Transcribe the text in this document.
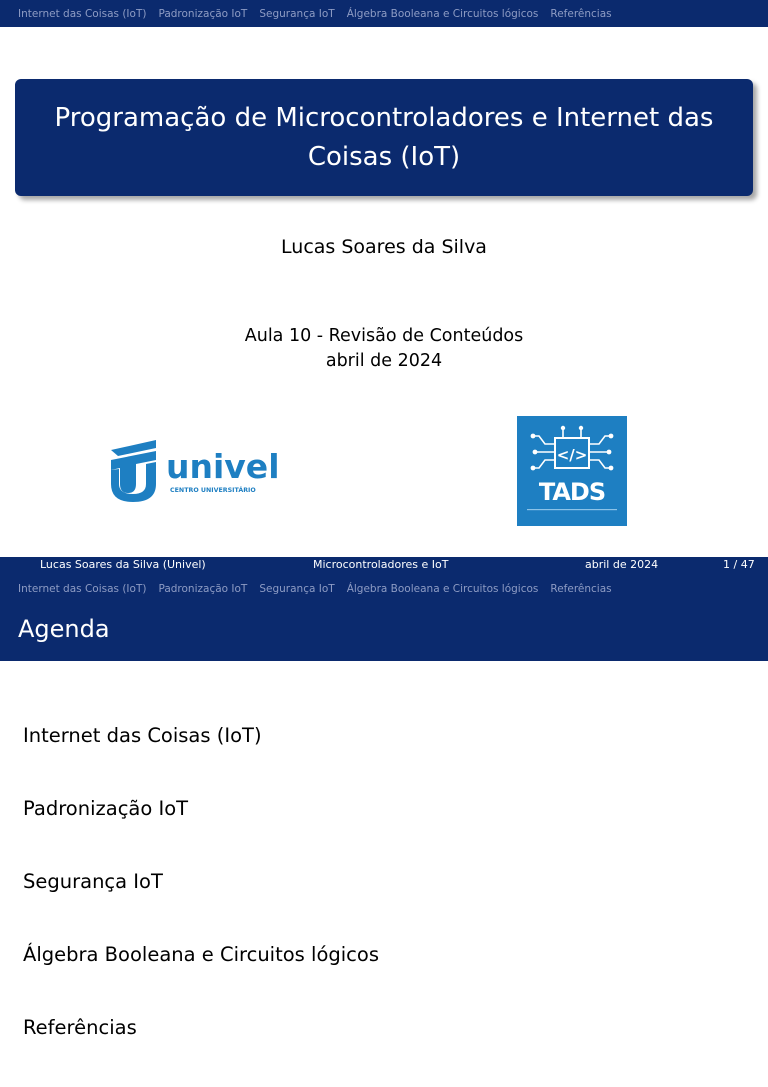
Internet das Coisas (IoT) Padronização IoT Segurança IoT Álgebra Booleana e Circuitos lógicos Referências
Programação de Microcontroladores e Internet das Coisas (IoT)
Lucas Soares da Silva
Aula 10 - Revisão de Conteúdos
abril de 2024
univel
CENTRO UNIVERSITÁRIO
</>
TADS
Lucas Soares da Silva (Univel)	Microcontroladores e IoT	abril de 2024	1 / 47
Internet das Coisas (IoT) Padronização IoT Segurança IoT Álgebra Booleana e Circuitos lógicos Referências
Agenda
Internet das Coisas (IoT)
Padronização IoT
Segurança IoT
Álgebra Booleana e Circuitos lógicos
Referências
